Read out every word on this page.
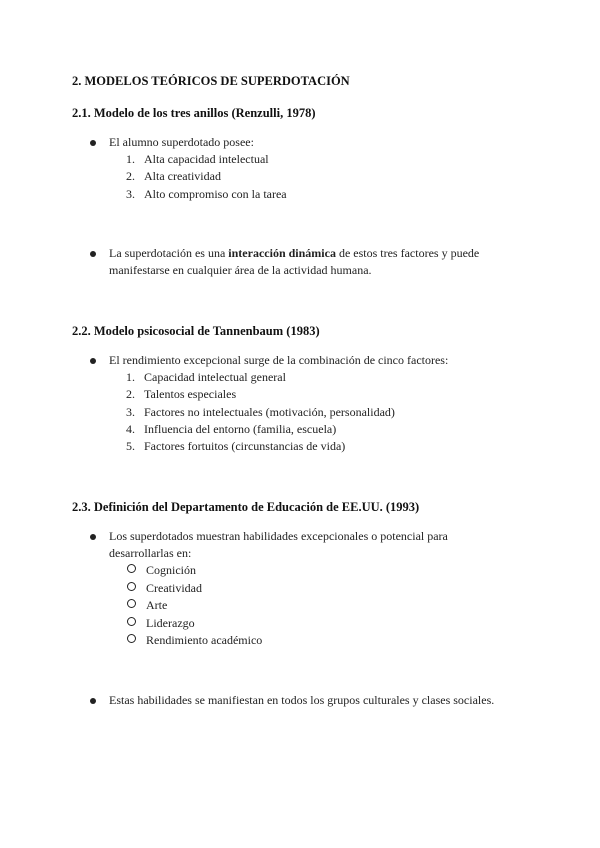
2. MODELOS TEÓRICOS DE SUPERDOTACIÓN
2.1. Modelo de los tres anillos (Renzulli, 1978)
El alumno superdotado posee:
1. Alta capacidad intelectual
2. Alta creatividad
3. Alto compromiso con la tarea
La superdotación es una interacción dinámica de estos tres factores y puede manifestarse en cualquier área de la actividad humana.
2.2. Modelo psicosocial de Tannenbaum (1983)
El rendimiento excepcional surge de la combinación de cinco factores:
1. Capacidad intelectual general
2. Talentos especiales
3. Factores no intelectuales (motivación, personalidad)
4. Influencia del entorno (familia, escuela)
5. Factores fortuitos (circunstancias de vida)
2.3. Definición del Departamento de Educación de EE.UU. (1993)
Los superdotados muestran habilidades excepcionales o potencial para desarrollarlas en:
Cognición
Creatividad
Arte
Liderazgo
Rendimiento académico
Estas habilidades se manifiestan en todos los grupos culturales y clases sociales.
